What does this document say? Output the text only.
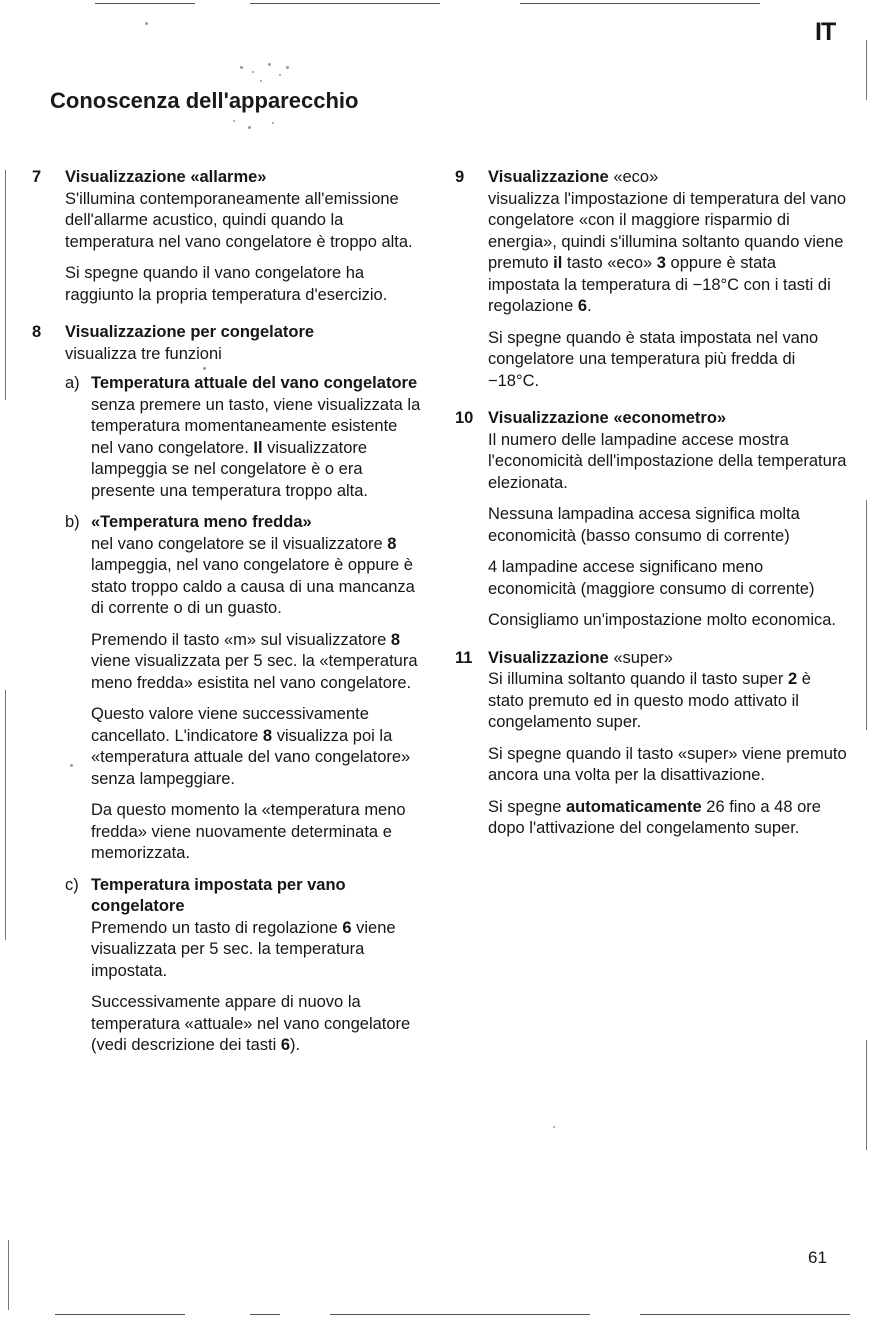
IT
Conoscenza dell'apparecchio
7 Visualizzazione «allarme»

S'illumina contemporaneamente all'emissione dell'allarme acustico, quindi quando la temperatura nel vano congelatore è troppo alta.

Si spegne quando il vano congelatore ha raggiunto la propria temperatura d'esercizio.

8 Visualizzazione per congelatore
visualizza tre funzioni
a) Temperatura attuale del vano congelatore

senza premere un tasto, viene visualizzata la temperatura momentaneamente esistente nel vano congelatore. Il visualizzatore lampeggia se nel congelatore è o era presente una temperatura troppo alta.

b) «Temperatura meno fredda»

nel vano congelatore se il visualizzatore 8 lampeggia, nel vano congelatore è oppure è stato troppo caldo a causa di una mancanza di corrente o di un guasto.

Premendo il tasto «m» sul visualizzatore 8 viene visualizzata per 5 sec. la «temperatura meno fredda» esistita nel vano congelatore.

Questo valore viene successivamente cancellato. L'indicatore 8 visualizza poi la «temperatura attuale del vano congelatore» senza lampeggiare.

Da questo momento la «temperatura meno fredda» viene nuovamente determinata e memorizzata.

c) Temperatura impostata per vano congelatore

Premendo un tasto di regolazione 6 viene visualizzata per 5 sec. la temperatura impostata.

Successivamente appare di nuovo la temperatura «attuale» nel vano congelatore
(vedi descrizione dei tasti 6).

9 Visualizzazione «eco»

visualizza l'impostazione di temperatura del vano congelatore «con il maggiore risparmio di energia», quindi s'illumina soltanto quando viene premuto il tasto «eco» 3 oppure è stata impostata la temperatura di −18°C con i tasti di regolazione 6.

Si spegne quando è stata impostata nel vano congelatore una temperatura più fredda di −18°C.

10 Visualizzazione «econometro»

Il numero delle lampadine accese mostra l'economicità dell'impostazione della temperatura elezionata.

Nessuna lampadina accesa significa molta economicità (basso consumo di corrente)

4 lampadine accese significano meno economicità (maggiore consumo di corrente)

Consigliamo un'impostazione molto economica.

11 Visualizzazione «super»

Si illumina soltanto quando il tasto super 2 è stato premuto ed in questo modo attivato il congelamento super.

Si spegne quando il tasto «super» viene premuto ancora una volta per la disattivazione.

Si spegne automaticamente 26 fino a 48 ore dopo l'attivazione del congelamento super.

61
